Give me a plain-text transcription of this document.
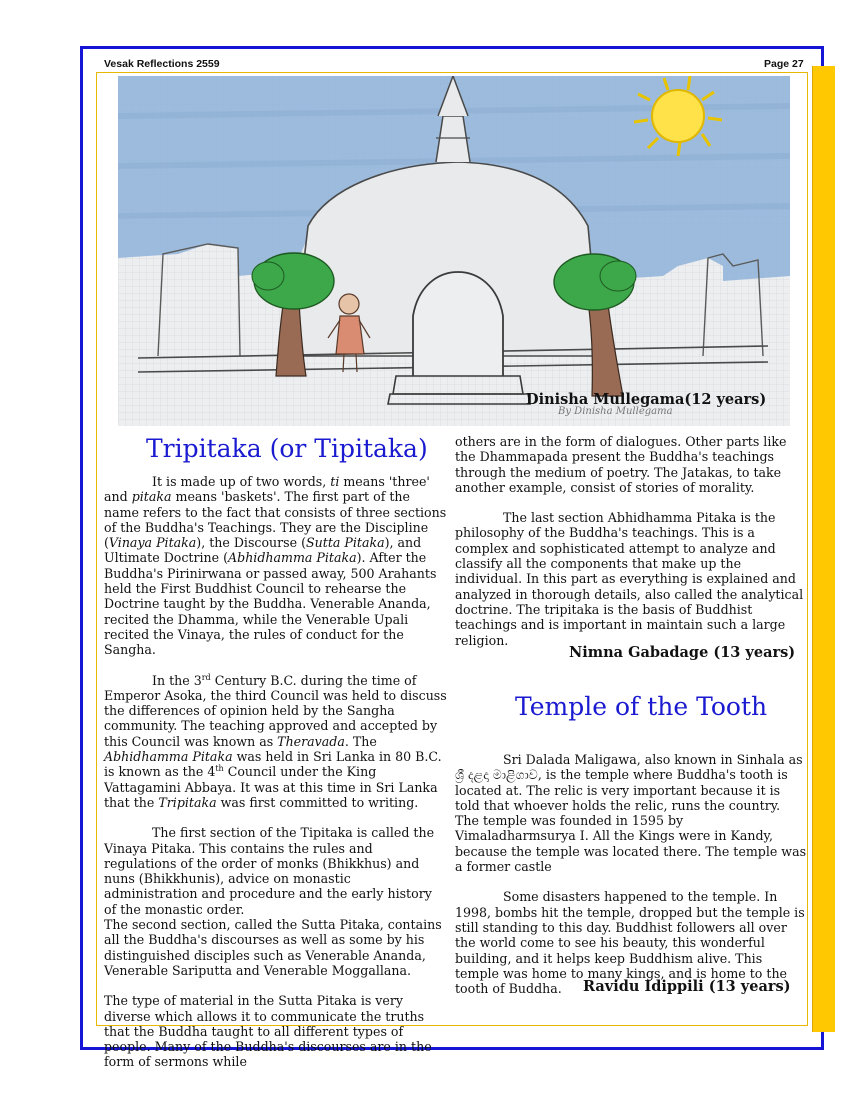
Vesak Reflections 2559	Page 27
By Dinisha Mullegama
Dinisha Mullegama(12 years)
Tripitaka (or Tipitaka)

It is made up of two words, ti means 'three' and pitaka means 'baskets'. The first part of the name refers to the fact that consists of three sections of the Buddha's Teachings. They are the Discipline (Vinaya Pitaka), the Discourse (Sutta Pitaka), and Ultimate Doctrine (Abhidhamma Pitaka). After the Buddha's Pirinirwana or passed away, 500 Arahants held the First Buddhist Council to rehearse the Doctrine taught by the Buddha. Venerable Ananda, recited the Dhamma, while the Venerable Upali recited the Vinaya, the rules of conduct for the Sangha.

In the 3rd Century B.C. during the time of Emperor Asoka, the third Council was held to discuss the differences of opinion held by the Sangha community. The teaching approved and accepted by this Council was known as Theravada. The Abhidhamma Pitaka was held in Sri Lanka in 80 B.C. is known as the 4th Council under the King Vattagamini Abbaya. It was at this time in Sri Lanka that the Tripitaka was first committed to writing.

The first section of the Tipitaka is called the Vinaya Pitaka. This contains the rules and regulations of the order of monks (Bhikkhus) and nuns (Bhikkhunis), advice on monastic administration and procedure and the early history of the monastic order.

The second section, called the Sutta Pitaka, contains all the Buddha's discourses as well as some by his distinguished disciples such as Venerable Ananda, Venerable Sariputta and Venerable Moggallana.

The type of material in the Sutta Pitaka is very diverse which allows it to communicate the truths that the Buddha taught to all different types of people. Many of the Buddha's discourses are in the form of sermons while

others are in the form of dialogues. Other parts like the Dhammapada present the Buddha's teachings through the medium of poetry. The Jatakas, to take another example, consist of stories of morality.

The last section Abhidhamma Pitaka is the philosophy of the Buddha's teachings. This is a complex and sophisticated attempt to analyze and classify all the components that make up the individual. In this part as everything is explained and analyzed in thorough details, also called the analytical doctrine. The tripitaka is the basis of Buddhist teachings and is important in maintain such a large religion.

Nimna Gabadage (13 years)
Temple of the Tooth

Sri Dalada Maligawa, also known in Sinhala as ශ්‍රී දළදා මාළිගාව, is the temple where Buddha's tooth is located at. The relic is very important because it is told that whoever holds the relic, runs the country. The temple was founded in 1595 by Vimaladharmsurya I. All the Kings were in Kandy, because the temple was located there. The temple was a former castle

Some disasters happened to the temple. In 1998, bombs hit the temple, dropped but the temple is still standing to this day. Buddhist followers all over the world come to see his beauty, this wonderful building, and it helps keep Buddhism alive. This temple was home to many kings, and is home to the tooth of Buddha.	Ravidu Idippili (13 years)
